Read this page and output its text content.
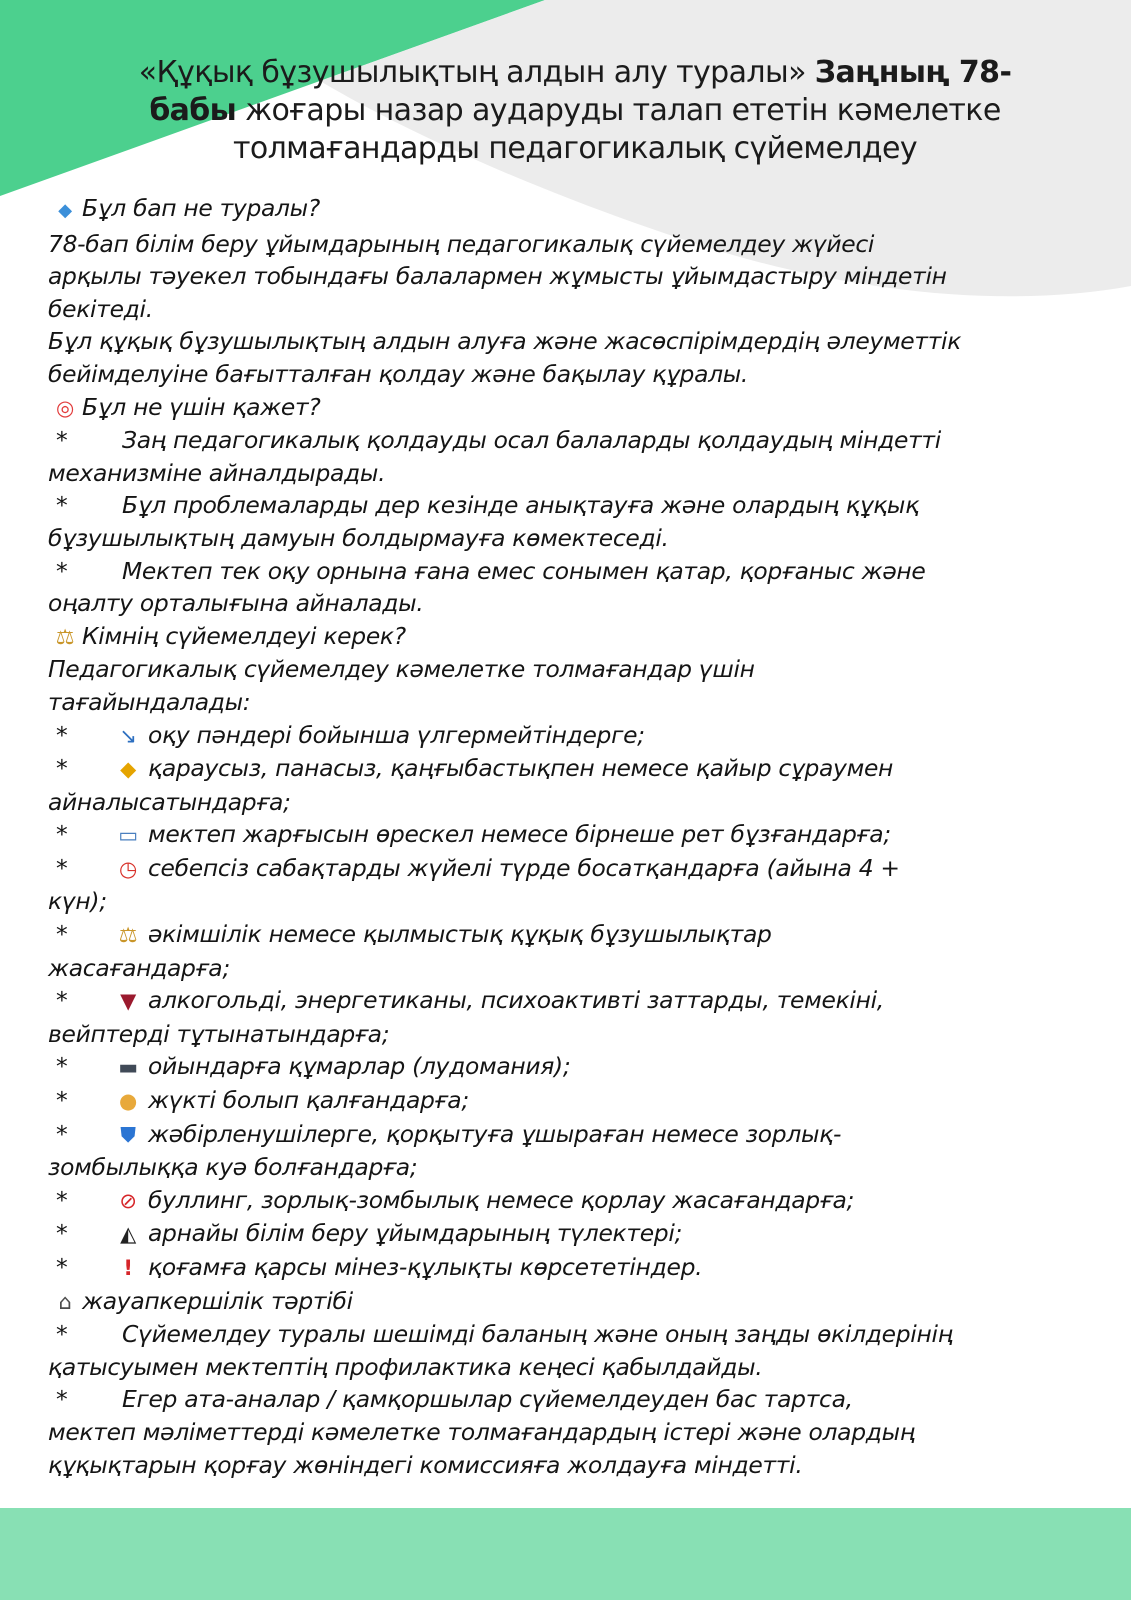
«Құқық бұзушылықтың алдын алу туралы» Заңның 78-
бабы жоғары назар аударуды талап ететін кәмелетке
толмағандарды педагогикалық сүйемелдеу
◆ Бұл бап не туралы?
78-бап білім беру ұйымдарының педагогикалық сүйемелдеу жүйесі
арқылы тәуекел тобындағы балалармен жұмысты ұйымдастыру міндетін
бекітеді.
Бұл құқық бұзушылықтың алдын алуға және жасөспірімдердің әлеуметтік
бейімделуіне бағытталған қолдау және бақылау құралы.
◎ Бұл не үшін қажет?
* Заң педагогикалық қолдауды осал балаларды қолдаудың міндетті
механизміне айналдырады.
* Бұл проблемаларды дер кезінде анықтауға және олардың құқық
бұзушылықтың дамуын болдырмауға көмектеседі.
* Мектеп тек оқу орнына ғана емес сонымен қатар, қорғаныс және
оңалту орталығына айналады.
⚖ Кімнің сүйемелдеуі керек?
Педагогикалық сүйемелдеу кәмелетке толмағандар үшін
тағайындалады:
* ↘ оқу пәндері бойынша үлгермейтіндерге;
*	◆ қараусыз, панасыз, қаңғыбастықпен немесе қайыр сұраумен
айналысатындарға;
* ▭ мектеп жарғысын өрескел немесе бірнеше рет бұзғандарға;
* ◷ себепсіз сабақтарды жүйелі түрде босатқандарға (айына 4 +
күн);
* ⚖ әкімшілік немесе қылмыстық құқық бұзушылықтар
жасағандарға;
*	▼ алкогольді, энергетиканы, психоактивті заттарды, темекіні,
вейптерді тұтынатындарға;
* ▬ ойындарға құмарлар (лудомания);
* ● жүкті болып қалғандарға;
*	⛊ жәбірленушілерге, қорқытуға ұшыраған немесе зорлық-
зомбылыққа куә болғандарға;
* ⊘ буллинг, зорлық-зомбылық немесе қорлау жасағандарға;
*	◭ арнайы білім беру ұйымдарының түлектері;
*	! қоғамға қарсы мінез-құлықты көрсететіндер.
⌂ жауапкершілік тәртібі
* Сүйемелдеу туралы шешімді баланың және оның заңды өкілдерінің
қатысуымен мектептің профилактика кеңесі қабылдайды.
* Егер ата-аналар / қамқоршылар сүйемелдеуден бас тартса,
мектеп мәліметтерді кәмелетке толмағандардың істері және олардың
құқықтарын қорғау жөніндегі комиссияға жолдауға міндетті.
